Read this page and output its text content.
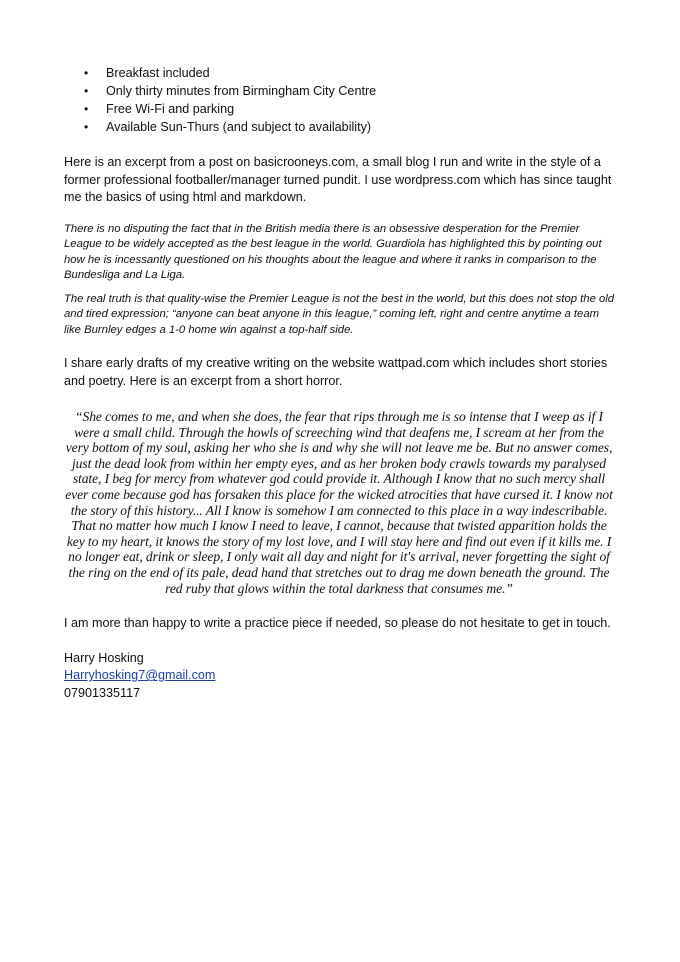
• Breakfast included
• Only thirty minutes from Birmingham City Centre
• Free Wi-Fi and parking
• Available Sun-Thurs (and subject to availability)

Here is an excerpt from a post on basicrooneys.com, a small blog I run and write in the style of a former professional footballer/manager turned pundit. I use wordpress.com which has since taught me the basics of using html and markdown.

There is no disputing the fact that in the British media there is an obsessive desperation for the Premier League to be widely accepted as the best league in the world. Guardiola has highlighted this by pointing out how he is incessantly questioned on his thoughts about the league and where it ranks in comparison to the Bundesliga and La Liga.

The real truth is that quality-wise the Premier League is not the best in the world, but this does not stop the old and tired expression; “anyone can beat anyone in this league,” coming left, right and centre anytime a team like Burnley edges a 1-0 home win against a top-half side.

I share early drafts of my creative writing on the website wattpad.com which includes short stories and poetry. Here is an excerpt from a short horror.

“She comes to me, and when she does, the fear that rips through me is so intense that I weep as if I were a small child. Through the howls of screeching wind that deafens me, I scream at her from the very bottom of my soul, asking her who she is and why she will not leave me be. But no answer comes, just the dead look from within her empty eyes, and as her broken body crawls towards my paralysed state, I beg for mercy from whatever god could provide it. Although I know that no such mercy shall ever come because god has forsaken this place for the wicked atrocities that have cursed it. I know not the story of this history... All I know is somehow I am connected to this place in a way indescribable. That no matter how much I know I need to leave, I cannot, because that twisted apparition holds the key to my heart, it knows the story of my lost love, and I will stay here and find out even if it kills me. I no longer eat, drink or sleep, I only wait all day and night for it's arrival, never forgetting the sight of the ring on the end of its pale, dead hand that stretches out to drag me down beneath the ground. The red ruby that glows within the total darkness that consumes me.”

I am more than happy to write a practice piece if needed, so please do not hesitate to get in touch.

Harry Hosking
Harryhosking7@gmail.com
07901335117
